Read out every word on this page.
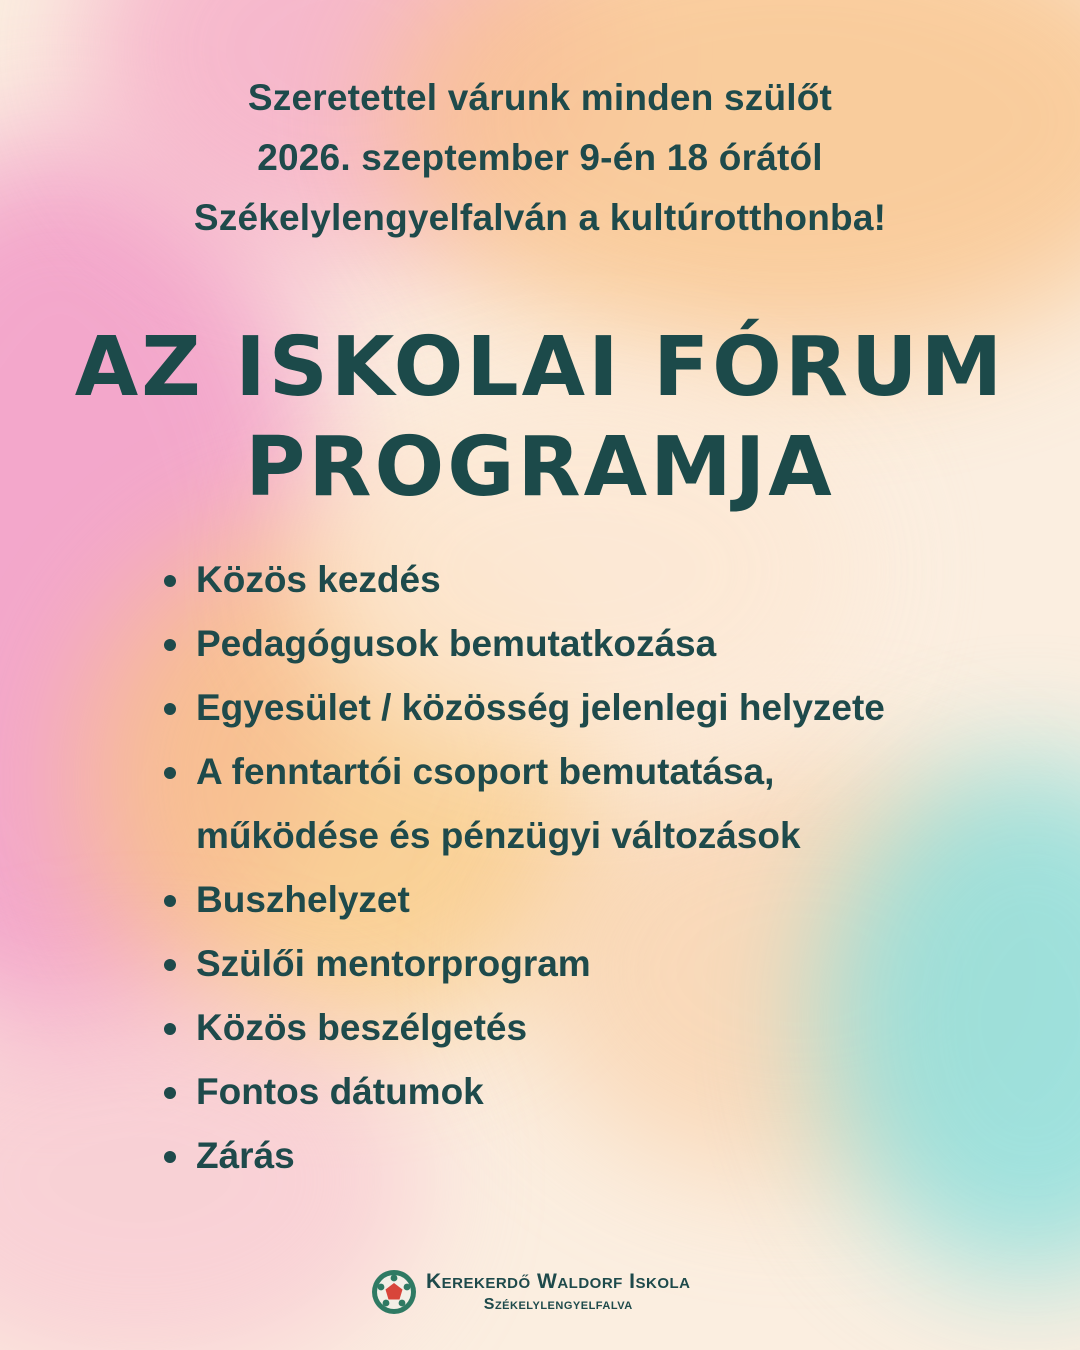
Szeretettel várunk minden szülőt
2026. szeptember 9-én 18 órától
Székelylengyelfalván a kultúrotthonba!
AZ ISKOLAI FÓRUM
PROGRAMJA
Közös kezdés
Pedagógusok bemutatkozása
Egyesület / közösség jelenlegi helyzete
A fenntartói csoport bemutatása,
működése és pénzügyi változások
Buszhelyzet
Szülői mentorprogram
Közös beszélgetés
Fontos dátumok
Zárás
Kerekerdő Waldorf Iskola
Székelylengyelfalva
